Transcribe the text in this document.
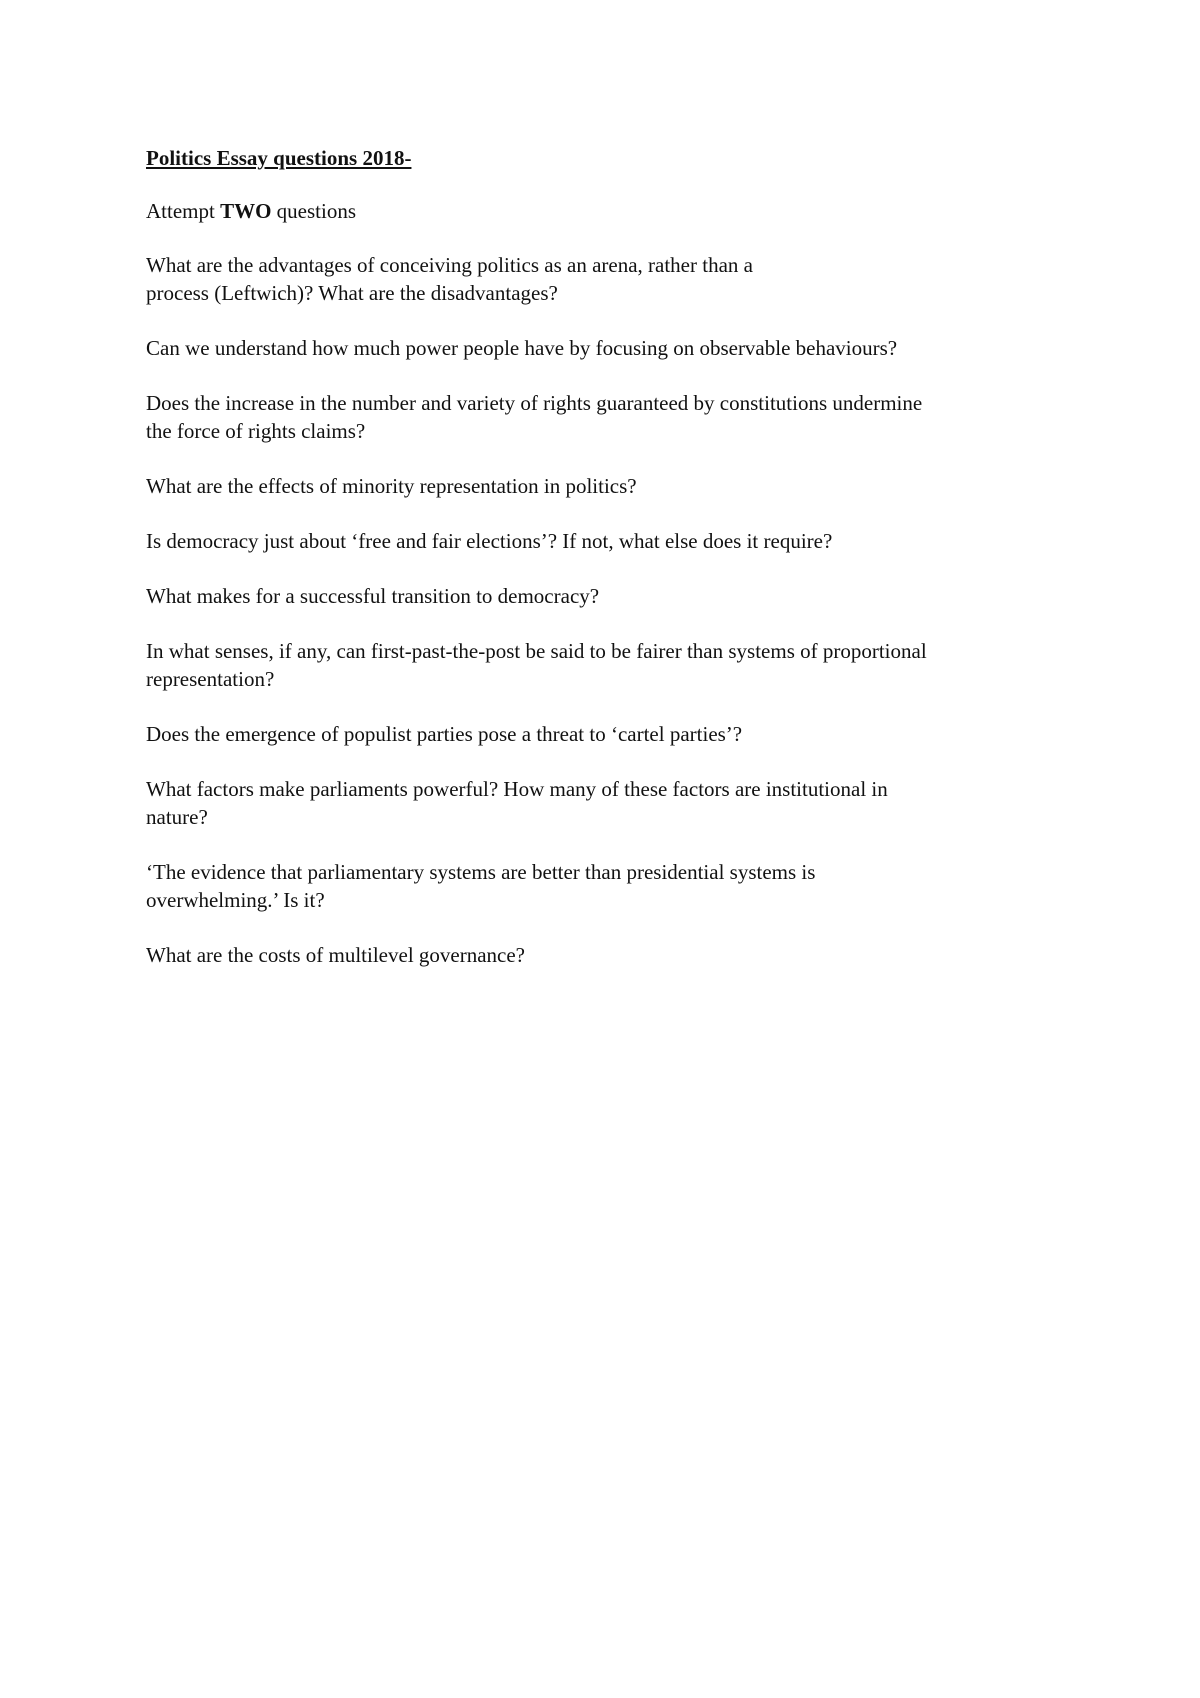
Politics Essay questions 2018-
Attempt TWO questions
What are the advantages of conceiving politics as an arena, rather than a
process (Leftwich)? What are the disadvantages?
Can we understand how much power people have by focusing on observable behaviours?
Does the increase in the number and variety of rights guaranteed by constitutions undermine
the force of rights claims?
What are the effects of minority representation in politics?
Is democracy just about ‘free and fair elections’? If not, what else does it require?
What makes for a successful transition to democracy?
In what senses, if any, can first-past-the-post be said to be fairer than systems of proportional
representation?
Does the emergence of populist parties pose a threat to ‘cartel parties’?
What factors make parliaments powerful? How many of these factors are institutional in
nature?
‘The evidence that parliamentary systems are better than presidential systems is
overwhelming.’ Is it?
What are the costs of multilevel governance?
